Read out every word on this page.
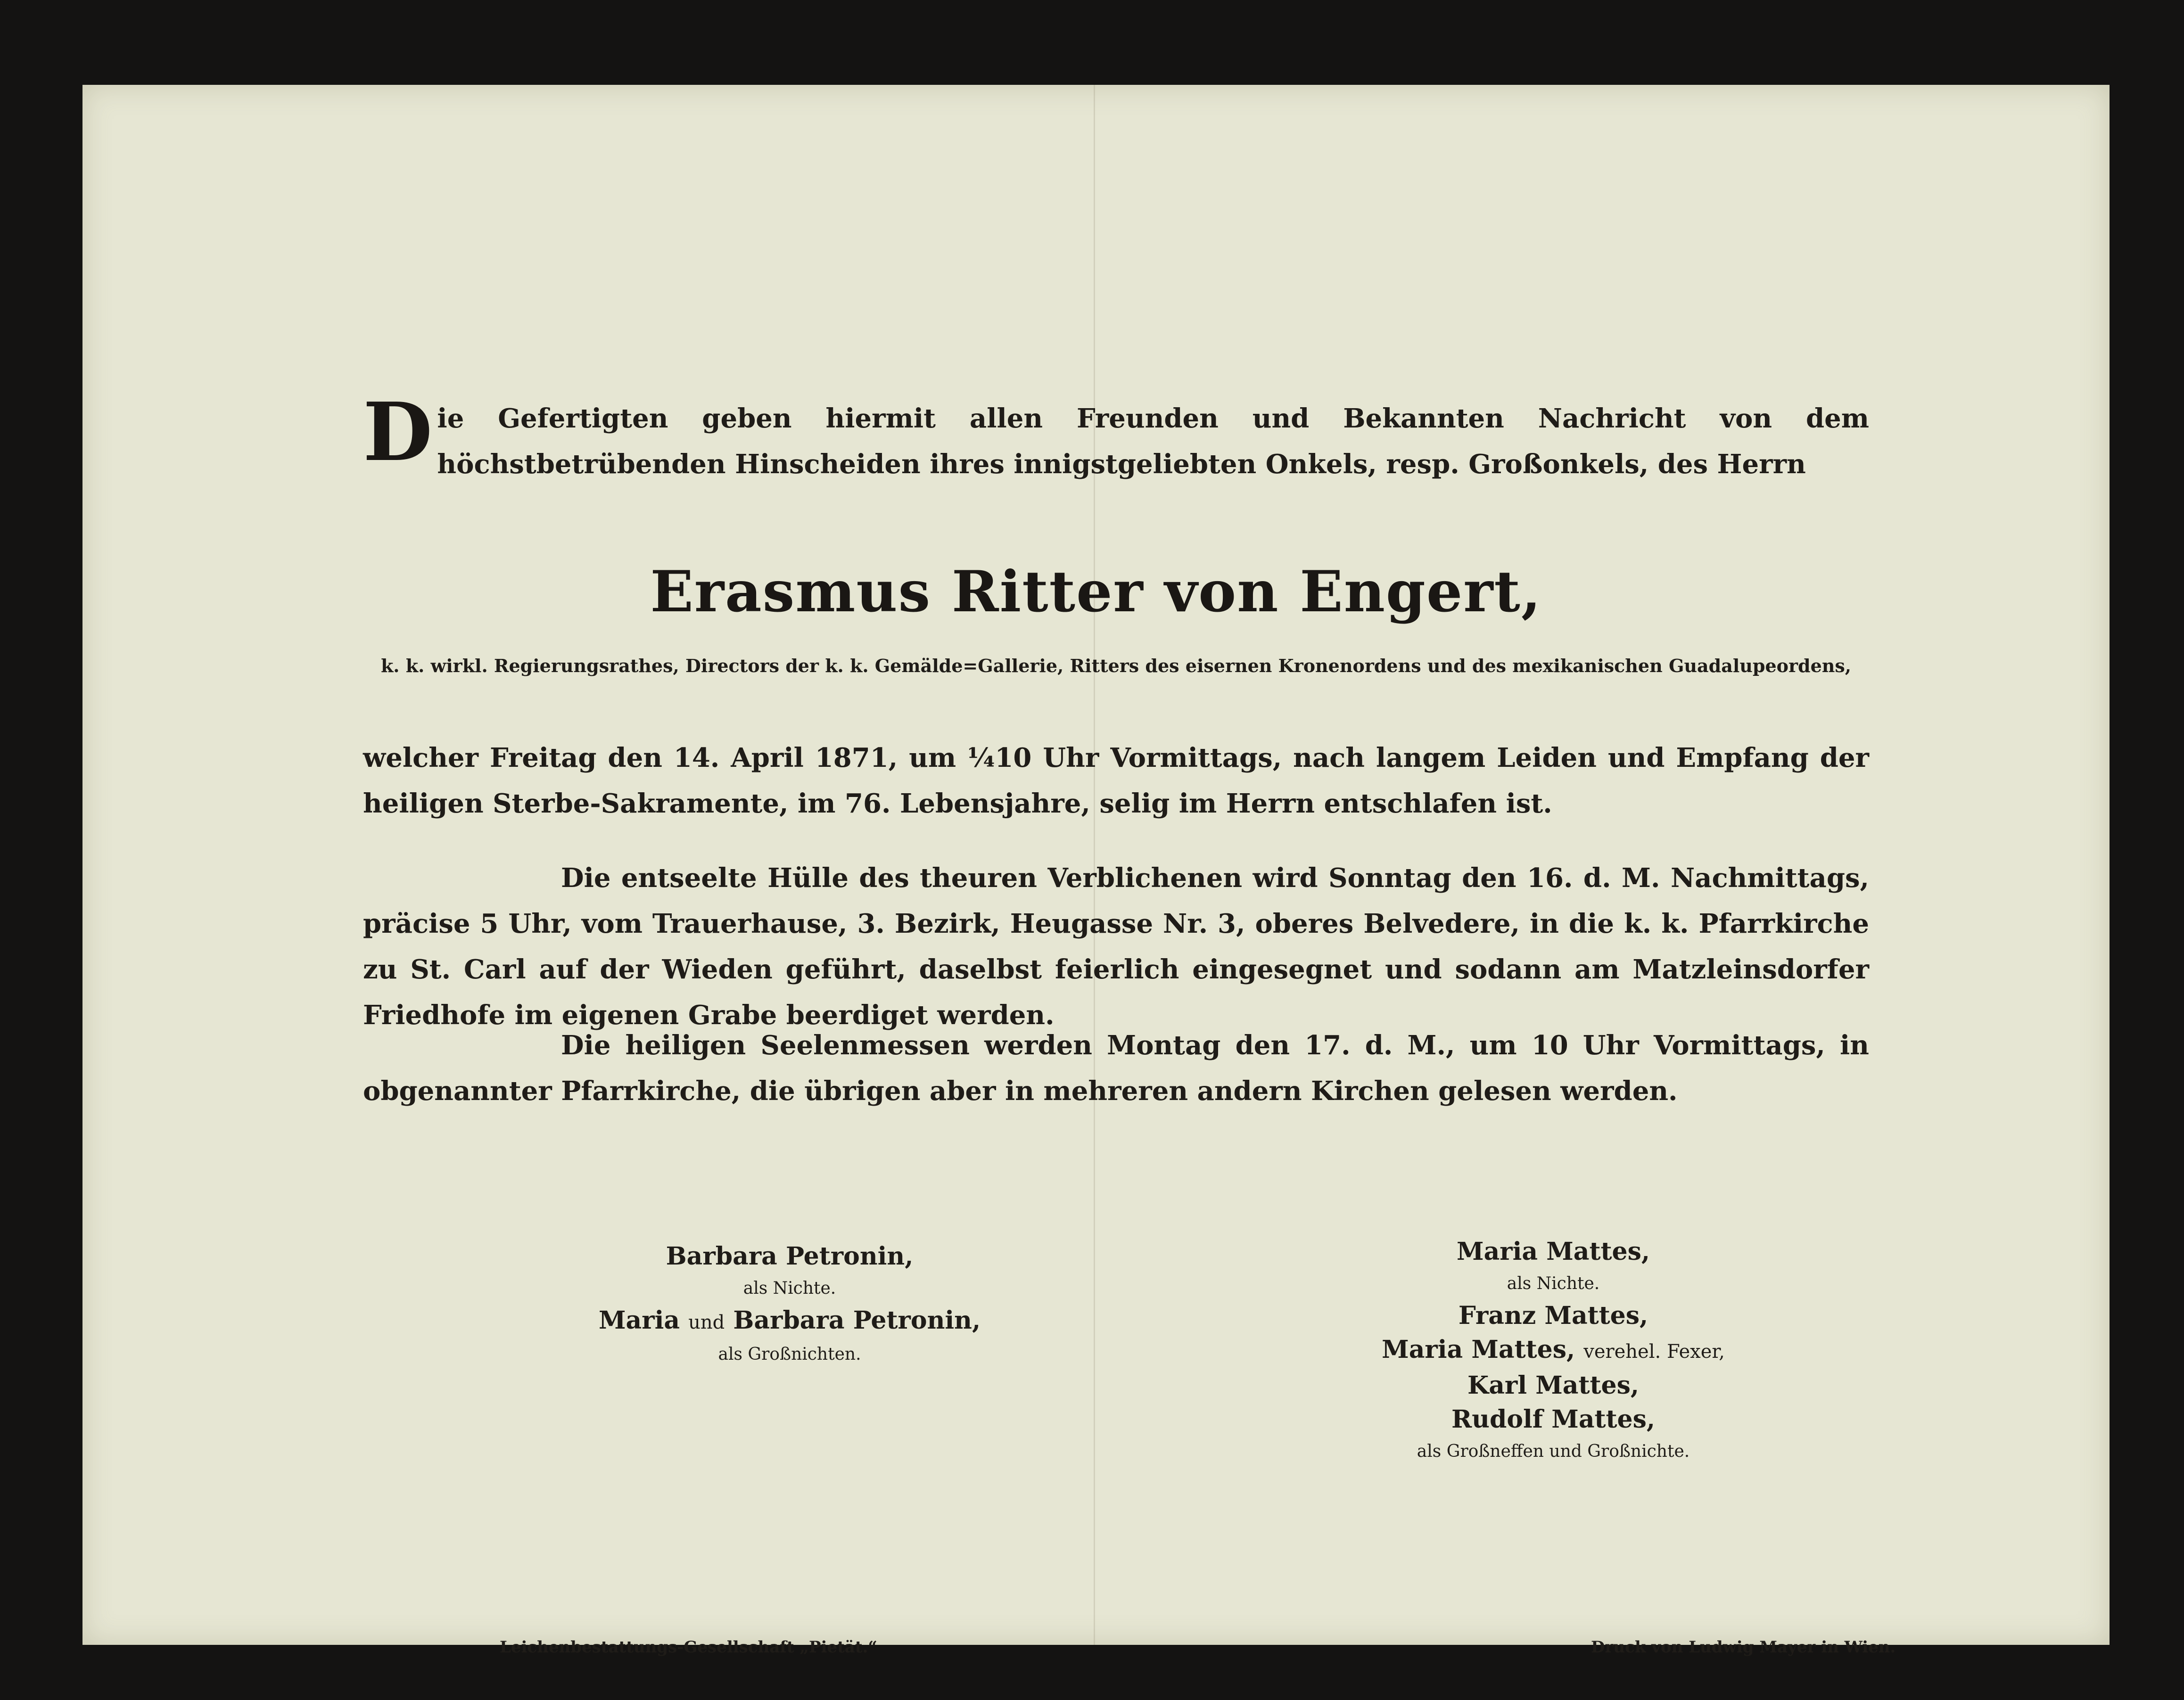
Die Gefertigten geben hiermit allen Freunden und Bekannten Nachricht von dem höchstbetrübenden Hinscheiden ihres innigstgeliebten Onkels, resp. Großonkels, des Herrn
Erasmus Ritter von Engert,
k. k. wirkl. Regierungsrathes, Directors der k. k. Gemälde=Gallerie, Ritters des eisernen Kronenordens und des mexikanischen Guadalupeordens,
welcher Freitag den 14. April 1871, um ¼10 Uhr Vormittags, nach langem Leiden und Empfang der heiligen Sterbe-Sakramente, im 76. Lebensjahre, selig im Herrn entschlafen ist.
Die entseelte Hülle des theuren Verblichenen wird Sonntag den 16. d. M. Nachmittags, präcise 5 Uhr, vom Trauerhause, 3. Bezirk, Heugasse Nr. 3, oberes Belvedere, in die k. k. Pfarrkirche zu St. Carl auf der Wieden geführt, daselbst feierlich eingesegnet und sodann am Matzleinsdorfer Friedhofe im eigenen Grabe beerdiget werden.
Die heiligen Seelenmessen werden Montag den 17. d. M., um 10 Uhr Vormittags, in obgenannter Pfarrkirche, die übrigen aber in mehreren andern Kirchen gelesen werden.
Barbara Petronin,
als Nichte.
Maria und Barbara Petronin,
als Großnichten.
Maria Mattes,
als Nichte.
Franz Mattes,
Maria Mattes, verehel. Fexer,
Karl Mattes,
Rudolf Mattes,
als Großneffen und Großnichte.
Leichenbestattungs-Gesellschaft „Pietät.“	Druck von Ludwig Mayer in Wien.
